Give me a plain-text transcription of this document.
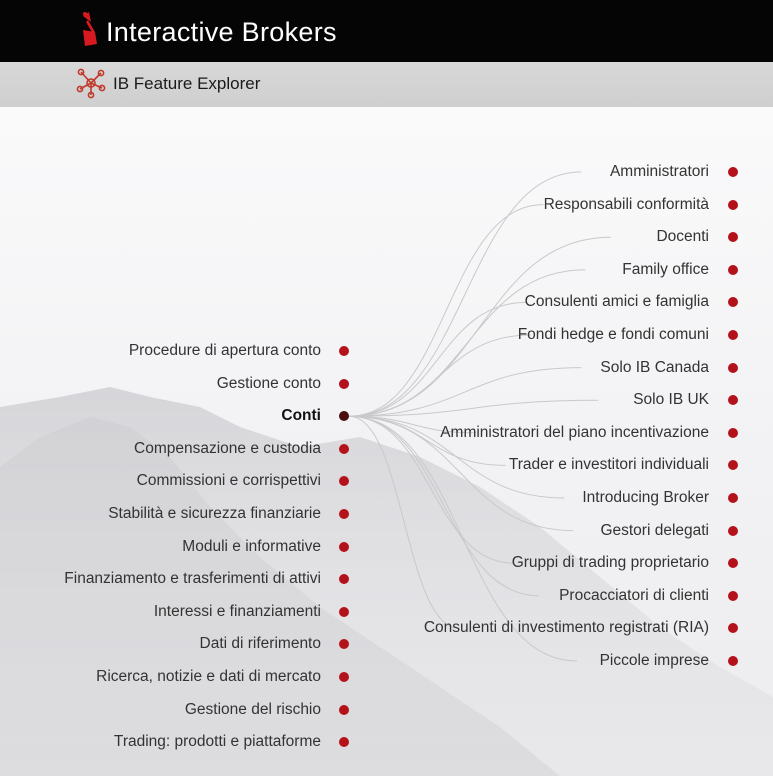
Interactive Brokers
IB Feature Explorer
Procedure di apertura conto
Gestione conto
Conti
Compensazione e custodia
Commissioni e corrispettivi
Stabilità e sicurezza finanziarie
Moduli e informative
Finanziamento e trasferimenti di attivi
Interessi e finanziamenti
Dati di riferimento
Ricerca, notizie e dati di mercato
Gestione del rischio
Trading: prodotti e piattaforme
Amministratori
Responsabili conformità
Docenti
Family office
Consulenti amici e famiglia
Fondi hedge e fondi comuni
Solo IB Canada
Solo IB UK
Amministratori del piano incentivazione
Trader e investitori individuali
Introducing Broker
Gestori delegati
Gruppi di trading proprietario
Procacciatori di clienti
Consulenti di investimento registrati (RIA)
Piccole imprese
